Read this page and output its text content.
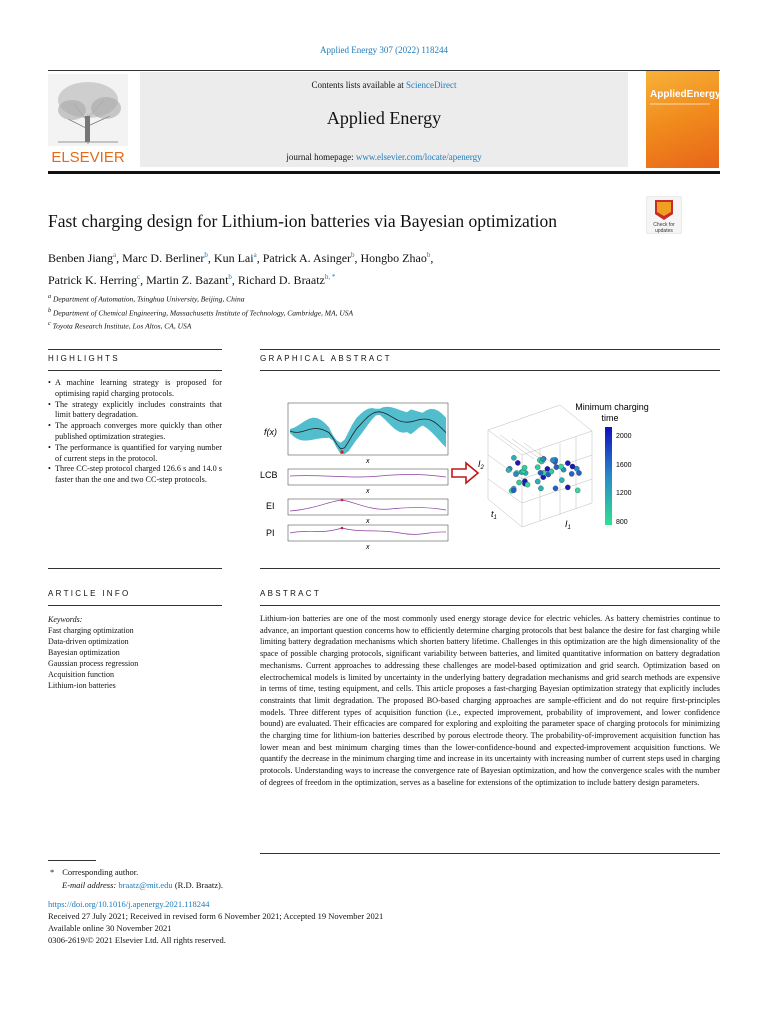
Applied Energy 307 (2022) 118244
ELSEVIER
Contents lists available at ScienceDirect
Applied Energy
journal homepage: www.elsevier.com/locate/apenergy
AppliedEnergy
Fast charging design for Lithium-ion batteries via Bayesian optimization	Check for
updates
Benben Jiang$^a$, Marc D. Berliner$^b$, Kun Lai$^a$, Patrick A. Asinger$^b$, Hongbo Zhao$^b$,
Patrick K. Herring$^c$, Martin Z. Bazant$^b$, Richard D. Braatz$^{b, *}$
$^a$ Department of Automation, Tsinghua University, Beijing, China
$^b$ Department of Chemical Engineering, Massachusetts Institute of Technology, Cambridge, MA, USA
$^c$ Toyota Research Institute, Los Altos, CA, USA
HIGHLIGHTS	GRAPHICAL ABSTRACT
• A machine learning strategy is proposed for optimising rapid charging protocols.
• The strategy explicitly includes constraints that limit battery degradation.
• The approach converges more quickly than other published optimization strategies.
• The performance is quantified for varying number of current steps in the protocol.
• Three CC-step protocol charged 126.6 s and 14.0 s faster than the one and two CC-step protocols.
f(x)
x
LCB
x
EI
x
PI
x
Minimum charging
time
$I_2$
$t_1$
$I_1$
2000
1600
1200
800
ARTICLE INFO	ABSTRACT
Keywords:
Fast charging optimization
Data-driven optimization
Bayesian optimization
Gaussian process regression
Acquisition function
Lithium-ion batteries
Lithium-ion batteries are one of the most commonly used energy storage device for electric vehicles. As battery chemistries continue to advance, an important question concerns how to efficiently determine charging protocols that best balance the desire for fast charging while limiting battery degradation mechanisms which shorten battery lifetime. Challenges in this optimization are the high dimensionality of the space of possible charging protocols, significant variability between batteries, and limited quantitative information on battery degradation mechanisms. Current approaches to addressing these challenges are model-based optimization and grid search. Optimization based on electrochemical models is limited by uncertainty in the underlying battery degradation mechanisms and grid search methods are expensive in terms of time, testing equipment, and cells. This article proposes a fast-charging Bayesian optimization strategy that explicitly includes constraints that limit degradation. The proposed BO-based charging approaches are sample-efficient and do not require first-principles models. Three different types of acquisition function (i.e., expected improvement, probability of improvement, and lower confidence bound) are evaluated. Their efficacies are compared for exploring and exploiting the parameter space of charging protocols for minimizing the charging time for lithium-ion batteries described by porous electrode theory. The probability-of-improvement acquisition function has lower mean and best minimum charging times than the lower-confidence-bound and expected-improvement acquisition functions. We quantify the decrease in the minimum charging time and increase in its uncertainty with increasing number of current steps used in charging protocols. Understanding ways to increase the convergence rate of Bayesian optimization, and how the convergence scales with the number of degrees of freedom in the optimization, serves as a baseline for extensions of the optimization to include battery design parameters.
* Corresponding author.
E-mail address: braatz@mit.edu (R.D. Braatz).
https://doi.org/10.1016/j.apenergy.2021.118244
Received 27 July 2021; Received in revised form 6 November 2021; Accepted 19 November 2021
Available online 30 November 2021
0306-2619/© 2021 Elsevier Ltd. All rights reserved.
